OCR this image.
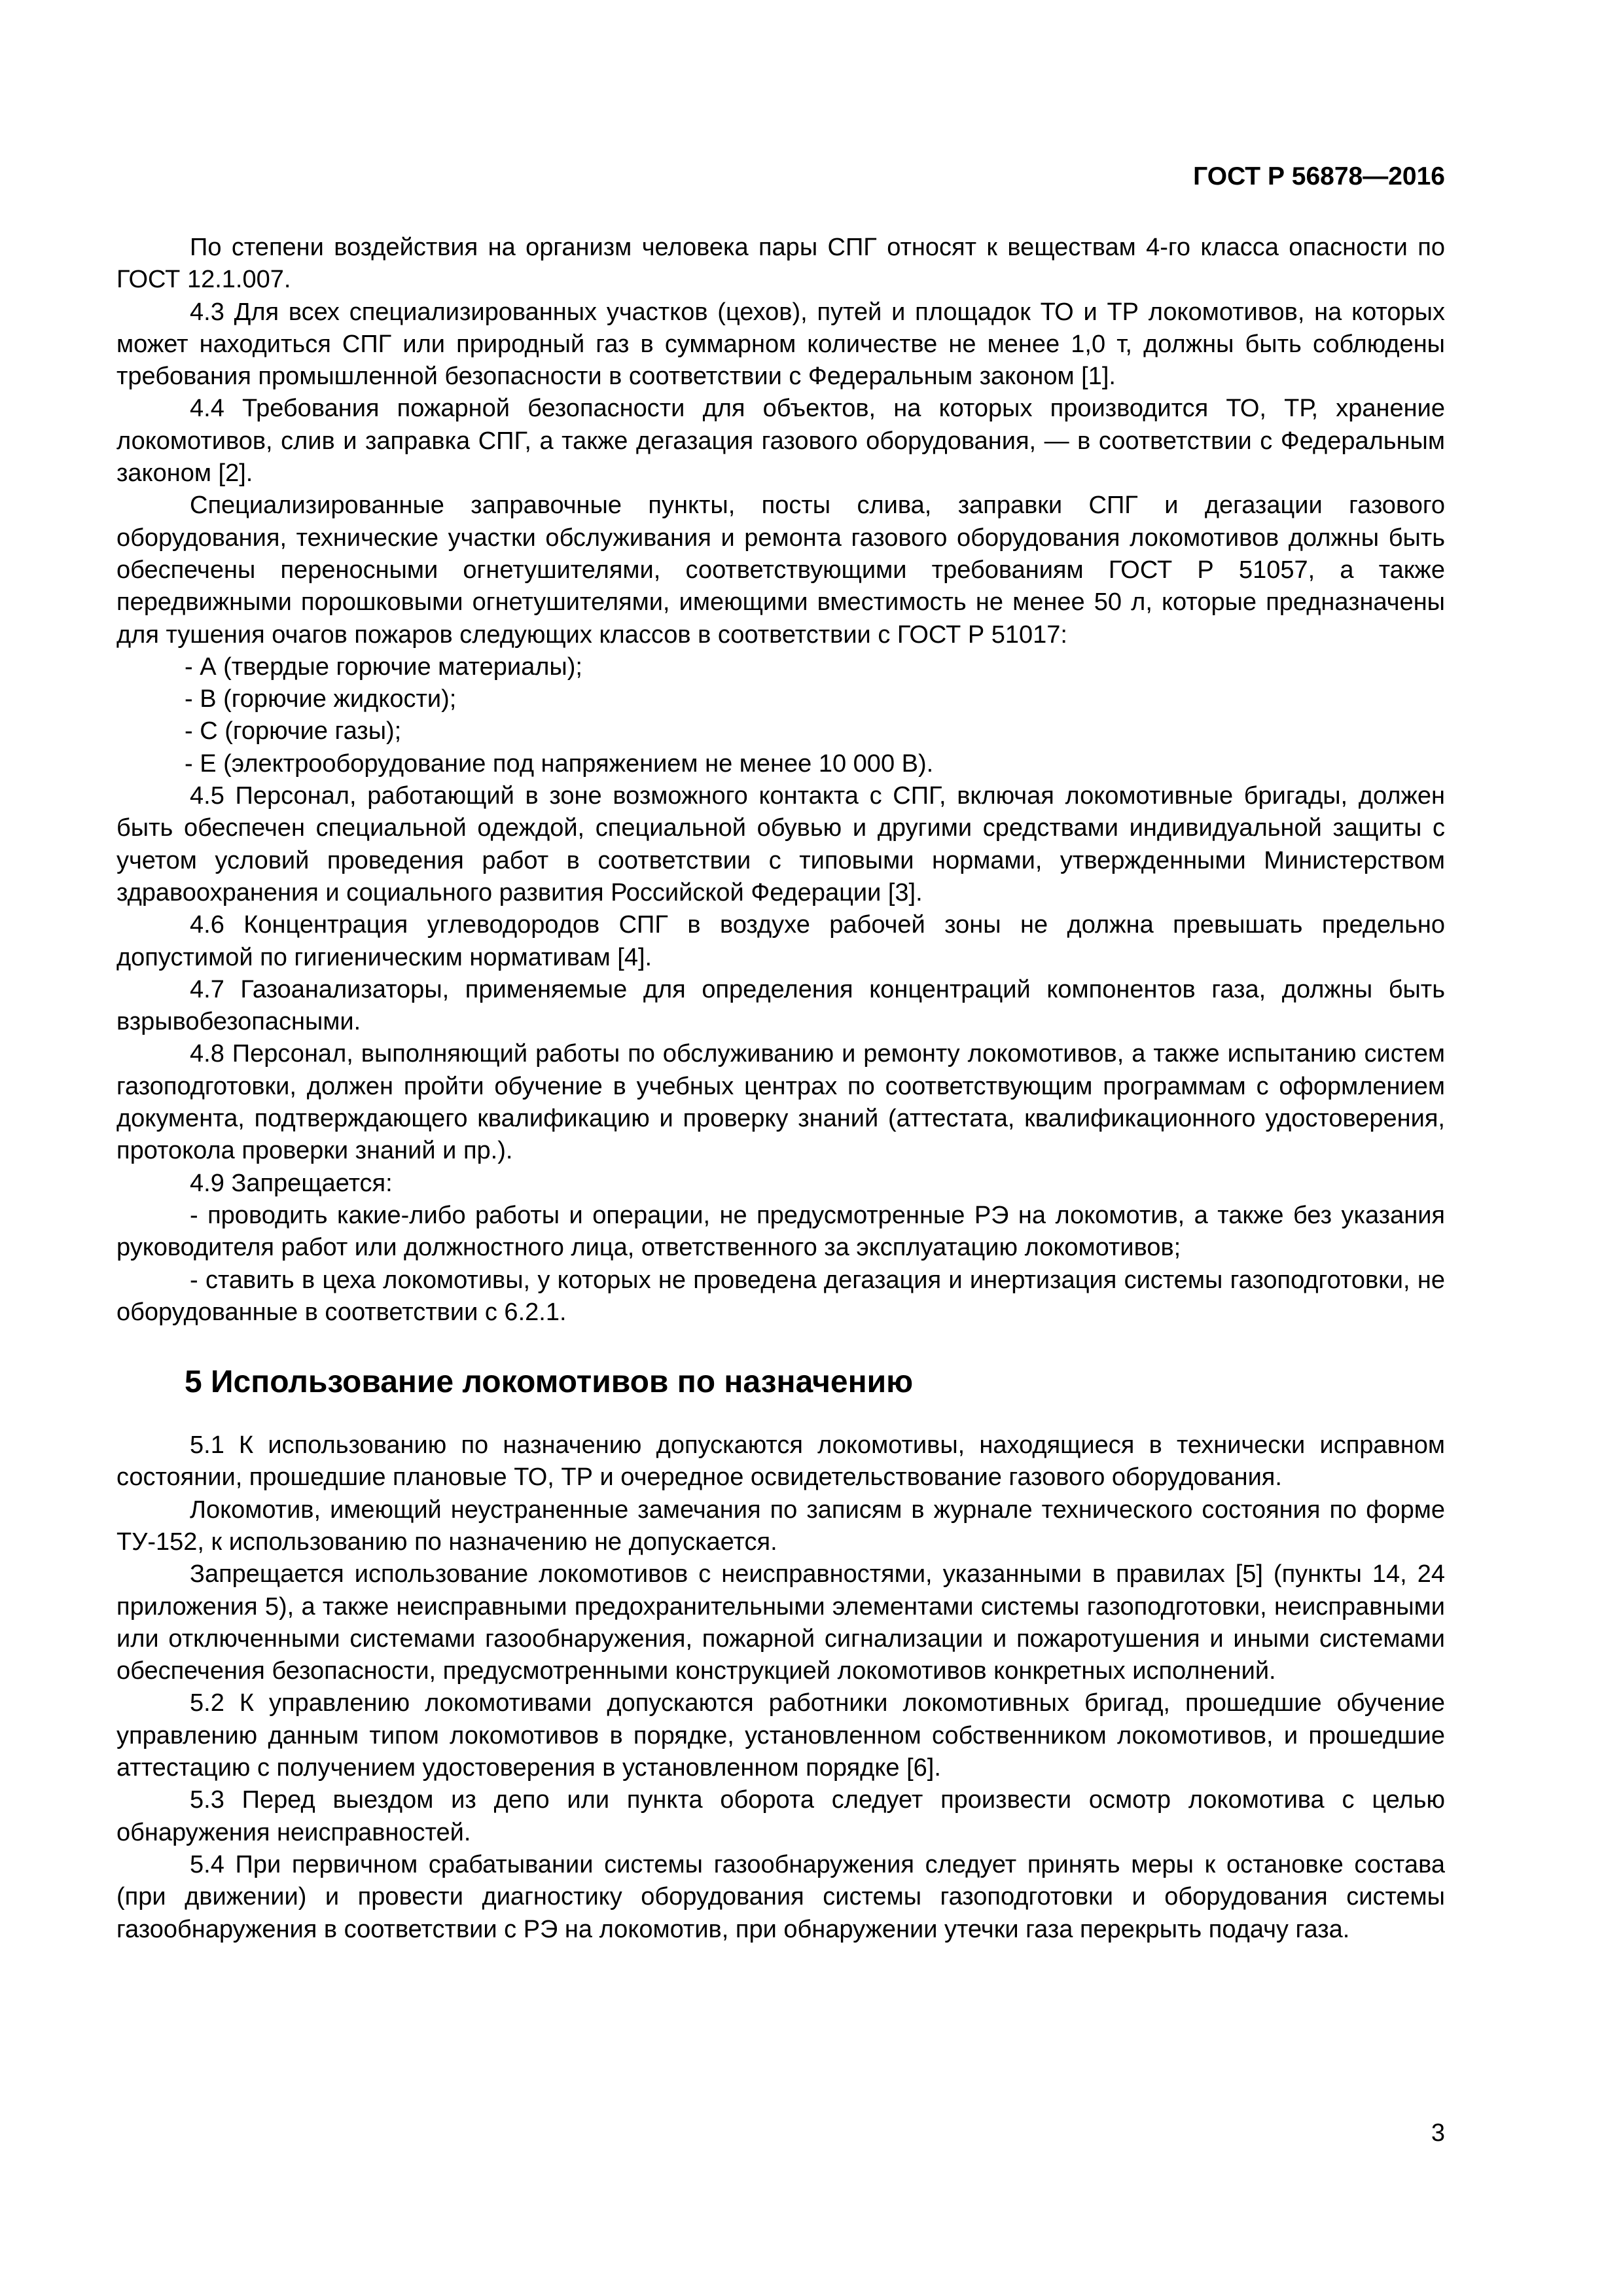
ГОСТ Р 56878—2016

По степени воздействия на организм человека пары СПГ относят к веществам 4-го класса опасности по ГОСТ 12.1.007.

4.3 Для всех специализированных участков (цехов), путей и площадок ТО и ТР локомотивов, на которых может находиться СПГ или природный газ в суммарном количестве не менее 1,0 т, должны быть соблюдены требования промышленной безопасности в соответствии с Федеральным законом [1].

4.4 Требования пожарной безопасности для объектов, на которых производится ТО, ТР, хранение локомотивов, слив и заправка СПГ, а также дегазация газового оборудования, — в соответствии с Федеральным законом [2].

Специализированные заправочные пункты, посты слива, заправки СПГ и дегазации газового оборудования, технические участки обслуживания и ремонта газового оборудования локомотивов должны быть обеспечены переносными огнетушителями, соответствующими требованиям ГОСТ Р 51057, а также передвижными порошковыми огнетушителями, имеющими вместимость не менее 50 л, которые предназначены для тушения очагов пожаров следующих классов в соответствии с ГОСТ Р 51017:

- А (твердые горючие материалы);

- В (горючие жидкости);

- С (горючие газы);

- Е (электрооборудование под напряжением не менее 10 000 В).

4.5 Персонал, работающий в зоне возможного контакта с СПГ, включая локомотивные бригады, должен быть обеспечен специальной одеждой, специальной обувью и другими средствами индивидуальной защиты с учетом условий проведения работ в соответствии с типовыми нормами, утвержденными Министерством здравоохранения и социального развития Российской Федерации [3].

4.6 Концентрация углеводородов СПГ в воздухе рабочей зоны не должна превышать предельно допустимой по гигиеническим нормативам [4].

4.7 Газоанализаторы, применяемые для определения концентраций компонентов газа, должны быть взрывобезопасными.

4.8 Персонал, выполняющий работы по обслуживанию и ремонту локомотивов, а также испытанию систем газоподготовки, должен пройти обучение в учебных центрах по соответствующим программам с оформлением документа, подтверждающего квалификацию и проверку знаний (аттестата, квалификационного удостоверения, протокола проверки знаний и пр.).

4.9 Запрещается:

- проводить какие-либо работы и операции, не предусмотренные РЭ на локомотив, а также без указания руководителя работ или должностного лица, ответственного за эксплуатацию локомотивов;

- ставить в цеха локомотивы, у которых не проведена дегазация и инертизация системы газоподготовки, не оборудованные в соответствии с 6.2.1.

5 Использование локомотивов по назначению

5.1 К использованию по назначению допускаются локомотивы, находящиеся в технически исправном состоянии, прошедшие плановые ТО, ТР и очередное освидетельствование газового оборудования.

Локомотив, имеющий неустраненные замечания по записям в журнале технического состояния по форме ТУ-152, к использованию по назначению не допускается.

Запрещается использование локомотивов с неисправностями, указанными в правилах [5] (пункты 14, 24 приложения 5), а также неисправными предохранительными элементами системы газоподготовки, неисправными или отключенными системами газообнаружения, пожарной сигнализации и пожаротушения и иными системами обеспечения безопасности, предусмотренными конструкцией локомотивов конкретных исполнений.

5.2 К управлению локомотивами допускаются работники локомотивных бригад, прошедшие обучение управлению данным типом локомотивов в порядке, установленном собственником локомотивов, и прошедшие аттестацию с получением удостоверения в установленном порядке [6].

5.3 Перед выездом из депо или пункта оборота следует произвести осмотр локомотива с целью обнаружения неисправностей.

5.4 При первичном срабатывании системы газообнаружения следует принять меры к остановке состава (при движении) и провести диагностику оборудования системы газоподготовки и оборудования системы газообнаружения в соответствии с РЭ на локомотив, при обнаружении утечки газа перекрыть подачу газа.

3
